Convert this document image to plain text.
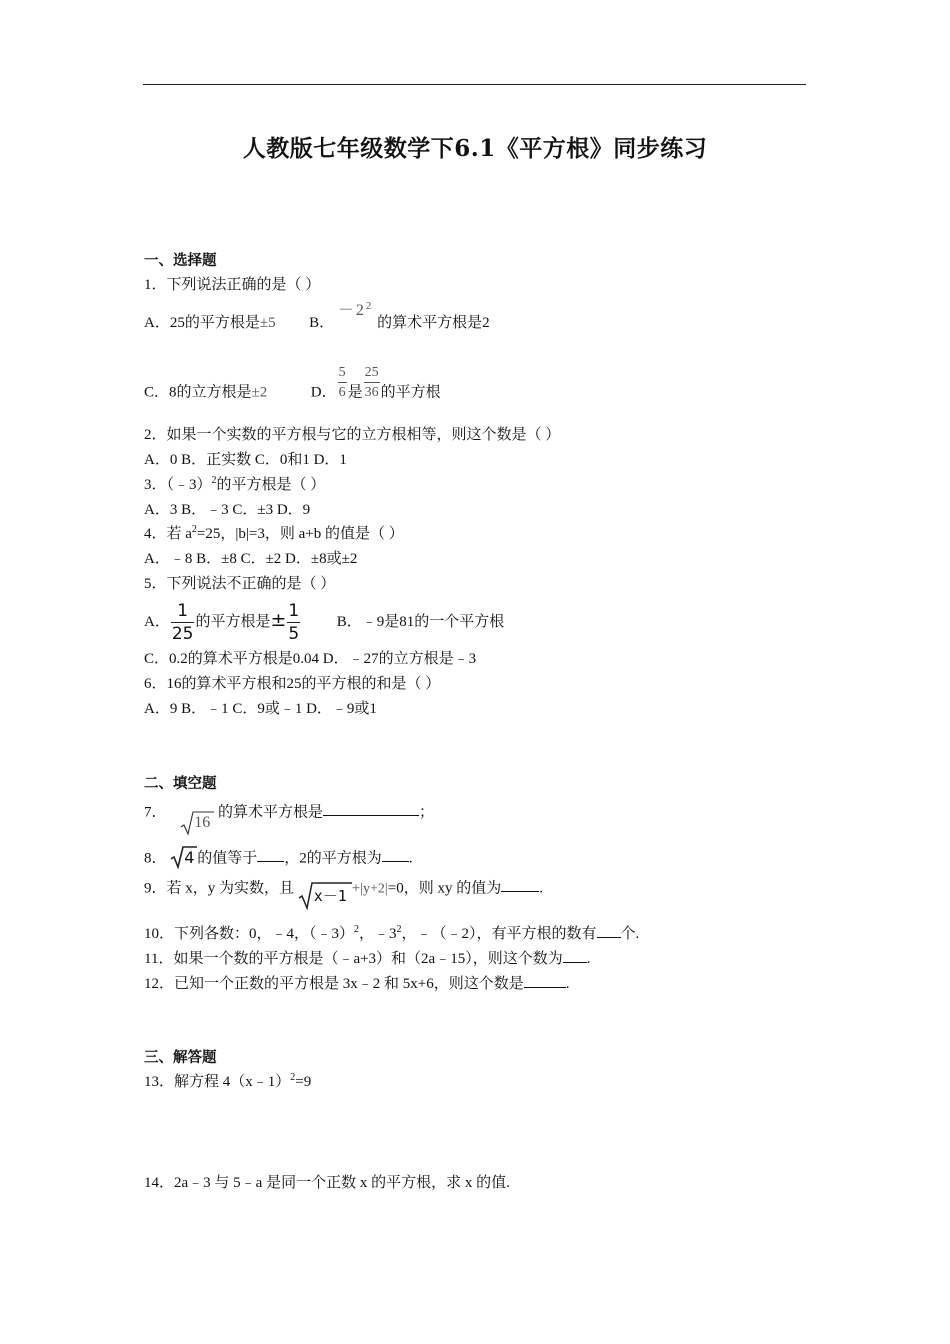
人教版七年级数学下6.1《平方根》同步练习
一、选择题
1．下列说法正确的是（ ）
A．25的平方根是±5 B． $-2^2$ 的算术平方根是2
C．8的立方根是±2	D． $\frac{5}{6}$ 是 $\frac{25}{36}$ 的平方根
2．如果一个实数的平方根与它的立方根相等，则这个数是（ ）
A．0 B．正实数 C．0和1 D．1
3．（﹣3）$^2$的平方根是（ ）
A．3 B．﹣3 C．±3 D．9
4．若 $a^2=25$，|b|=3，则 a+b 的值是（ ）
A．﹣8 B．±8 C．±2 D．±8或±2
5．下列说法不正确的是（ ）
A． $\frac{1}{25}$ 的平方根是± $\frac{1}{5}$ B．﹣9是81的一个平方根
C．0.2的算术平方根是0.04 D．﹣27的立方根是﹣3
6．16的算术平方根和25的平方根的和是（ ）
A．9 B．﹣1 C．9或﹣1 D．﹣9或1
二、填空题
7．
16
的算术平方根是	；
8． 4 的值等于 ，2的平方根为 .
9．若 x，y 为实数，且 x－1 +|y+2|=0，则 xy 的值为	.
10．下列各数：0，﹣4，（﹣3）$^2$，$﹣3^2$，﹣（﹣2），有平方根的数有 个.
11．如果一个数的平方根是（﹣a+3）和（2a﹣15），则这个数为 .
12．已知一个正数的平方根是 3x﹣2 和 5x+6，则这个数是	.
三、解答题
13．解方程 4（x﹣1）$^2$=9
14．2a﹣3 与 5﹣a 是同一个正数 x 的平方根，求 x 的值.
